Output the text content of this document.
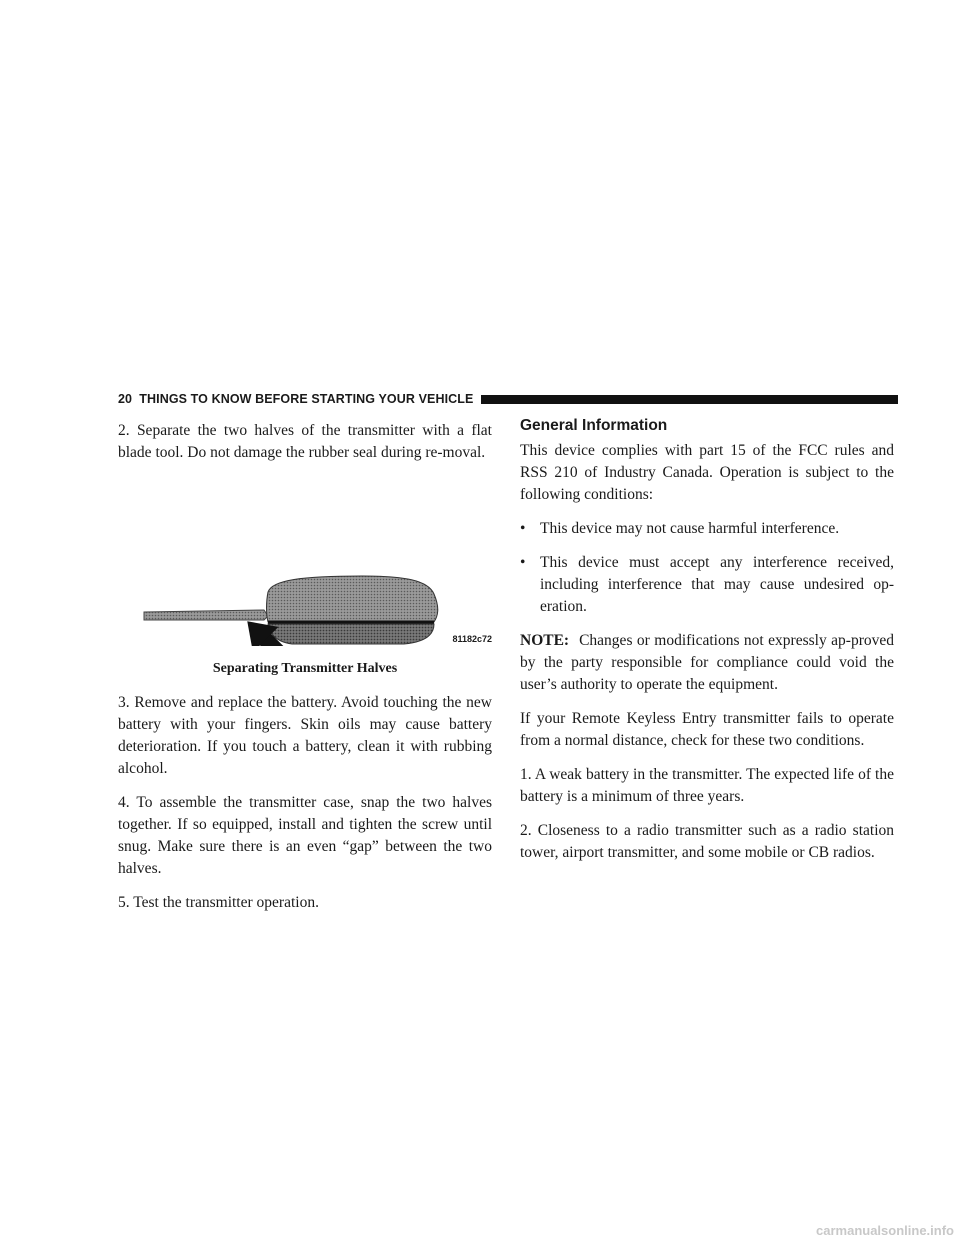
20 THINGS TO KNOW BEFORE STARTING YOUR VEHICLE

2. Separate the two halves of the transmitter with a flat blade tool. Do not damage the rubber seal during re-moval.

81182c72

Separating Transmitter Halves

3. Remove and replace the battery. Avoid touching the new battery with your fingers. Skin oils may cause battery deterioration. If you touch a battery, clean it with rubbing alcohol.

4. To assemble the transmitter case, snap the two halves together. If so equipped, install and tighten the screw until snug. Make sure there is an even “gap” between the two halves.

5. Test the transmitter operation.

General Information

This device complies with part 15 of the FCC rules and RSS 210 of Industry Canada. Operation is subject to the following conditions:

• This device may not cause harmful interference.
• This device must accept any interference received, including interference that may cause undesired op-eration.

NOTE: Changes or modifications not expressly ap-proved by the party responsible for compliance could void the user’s authority to operate the equipment.

If your Remote Keyless Entry transmitter fails to operate from a normal distance, check for these two conditions.

1. A weak battery in the transmitter. The expected life of the battery is a minimum of three years.

2. Closeness to a radio transmitter such as a radio station tower, airport transmitter, and some mobile or CB radios.

carmanualsonline.info
